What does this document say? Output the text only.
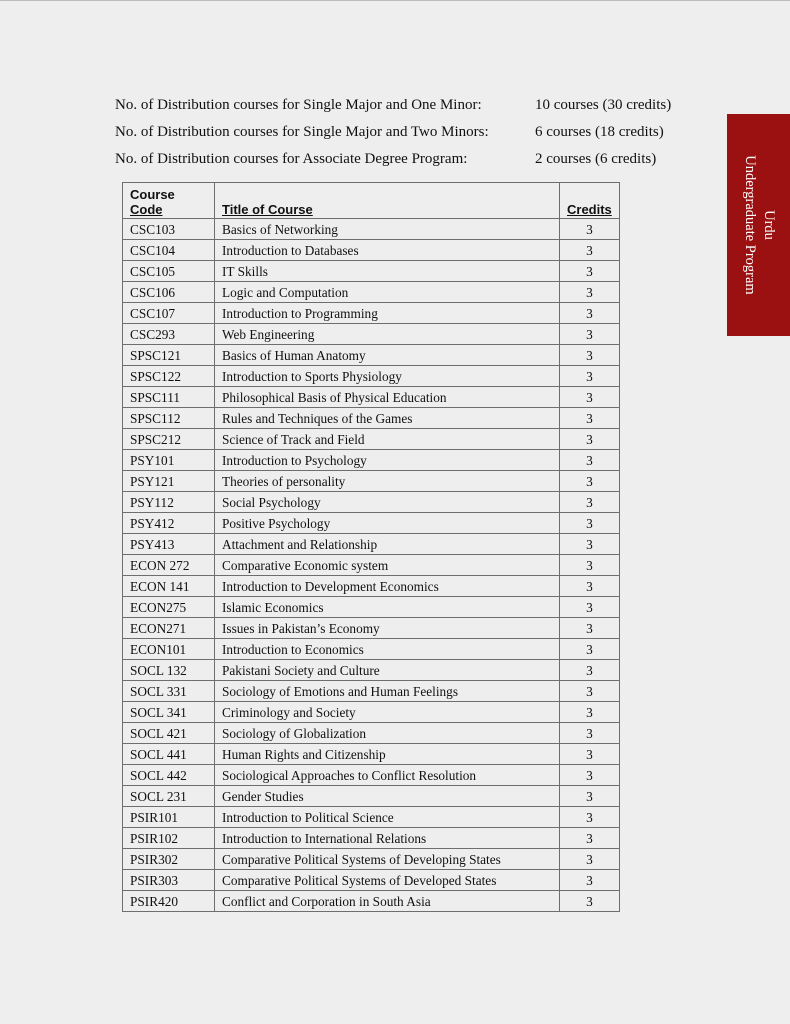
No. of Distribution courses for Single Major and One Minor:	10 courses (30 credits)
No. of Distribution courses for Single Major and Two Minors:	6 courses (18 credits)
No. of Distribution courses for Associate Degree Program:	2 courses (6 credits)
Urdu
Undergraduate Program
Course
Code	Title of Course	Credits
CSC103	Basics of Networking	3
CSC104	Introduction to Databases	3
CSC105	IT Skills	3
CSC106	Logic and Computation	3
CSC107	Introduction to Programming	3
CSC293	Web Engineering	3
SPSC121	Basics of Human Anatomy	3
SPSC122	Introduction to Sports Physiology	3
SPSC111	Philosophical Basis of Physical Education	3
SPSC112	Rules and Techniques of the Games	3
SPSC212	Science of Track and Field	3
PSY101	Introduction to Psychology	3
PSY121	Theories of personality	3
PSY112	Social Psychology	3
PSY412	Positive Psychology	3
PSY413	Attachment and Relationship	3
ECON 272	Comparative Economic system	3
ECON 141	Introduction to Development Economics	3
ECON275	Islamic Economics	3
ECON271	Issues in Pakistan’s Economy	3
ECON101	Introduction to Economics	3
SOCL 132	Pakistani Society and Culture	3
SOCL 331	Sociology of Emotions and Human Feelings	3
SOCL 341	Criminology and Society	3
SOCL 421	Sociology of Globalization	3
SOCL 441	Human Rights and Citizenship	3
SOCL 442	Sociological Approaches to Conflict Resolution	3
SOCL 231	Gender Studies	3
PSIR101	Introduction to Political Science	3
PSIR102	Introduction to International Relations	3
PSIR302	Comparative Political Systems of Developing States	3
PSIR303	Comparative Political Systems of Developed States	3
PSIR420	Conflict and Corporation in South Asia	3
